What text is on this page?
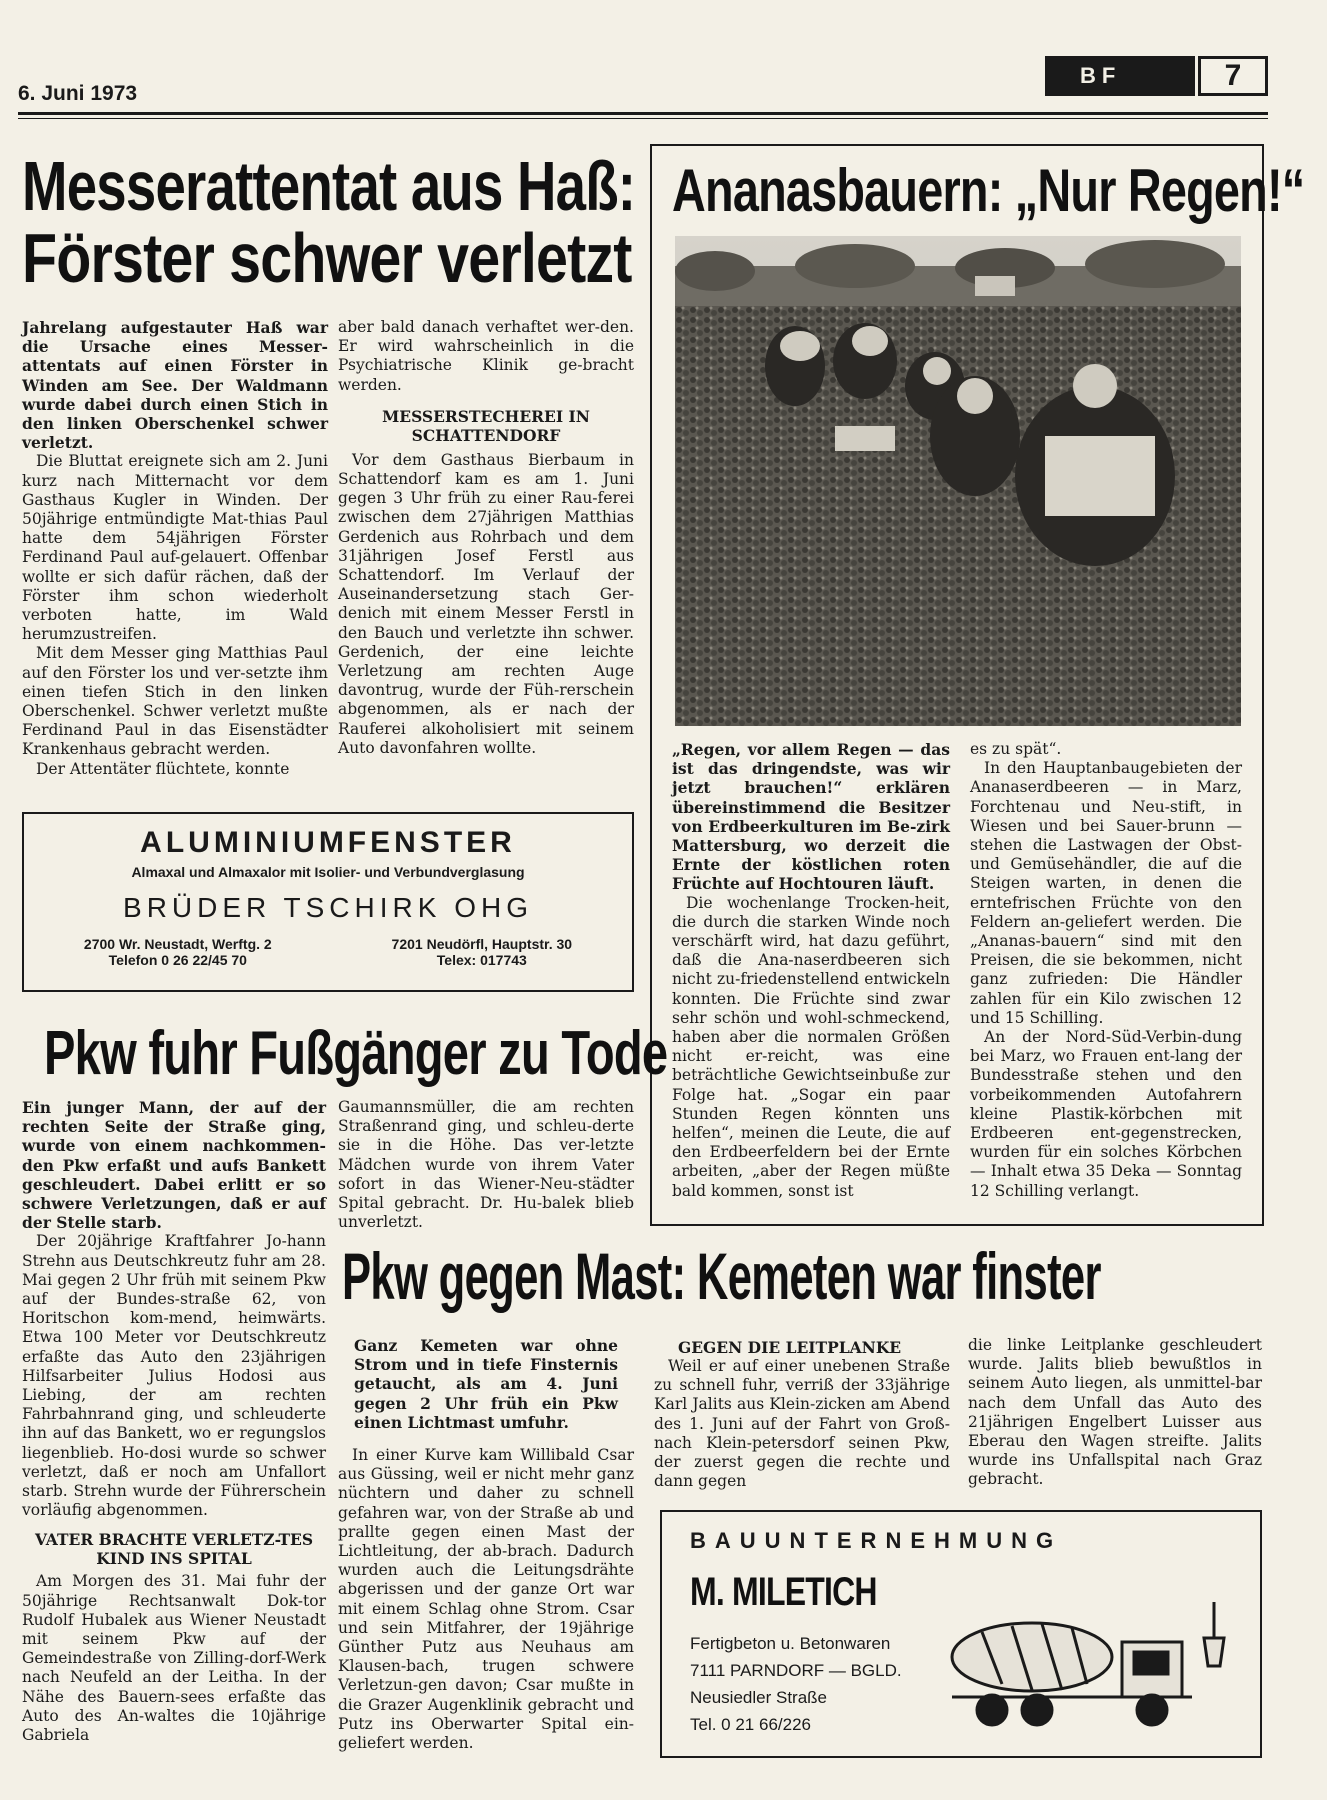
6. Juni 1973
BF	7
Messerattentat aus Haß:
Förster schwer verletzt
Jahrelang aufgestauter Haß war die Ursache eines Messer-attentats auf einen Förster in Winden am See. Der Waldmann wurde dabei durch einen Stich in den linken Oberschenkel schwer verletzt.
Die Bluttat ereignete sich am 2. Juni kurz nach Mitternacht vor dem Gasthaus Kugler in Winden. Der 50jährige entmündigte Mat-thias Paul hatte dem 54jährigen Förster Ferdinand Paul auf-gelauert. Offenbar wollte er sich dafür rächen, daß der Förster ihm schon wiederholt verboten hatte, im Wald herumzustreifen.
Mit dem Messer ging Matthias Paul auf den Förster los und ver-setzte ihm einen tiefen Stich in den linken Oberschenkel. Schwer verletzt mußte Ferdinand Paul in das Eisenstädter Krankenhaus gebracht werden.
Der Attentäter flüchtete, konnte
aber bald danach verhaftet wer-den. Er wird wahrscheinlich in die Psychiatrische Klinik ge-bracht werden.
MESSERSTECHEREI IN SCHATTENDORF
Vor dem Gasthaus Bierbaum in Schattendorf kam es am 1. Juni gegen 3 Uhr früh zu einer Rau-ferei zwischen dem 27jährigen Matthias Gerdenich aus Rohrbach und dem 31jährigen Josef Ferstl aus Schattendorf. Im Verlauf der Auseinandersetzung stach Ger-denich mit einem Messer Ferstl in den Bauch und verletzte ihn schwer. Gerdenich, der eine leichte Verletzung am rechten Auge davontrug, wurde der Füh-rerschein abgenommen, als er nach der Rauferei alkoholisiert mit seinem Auto davonfahren wollte.
ALUMINIUMFENSTER
Almaxal und Almaxalor mit Isolier- und Verbundverglasung
BRÜDER TSCHIRK OHG
2700 Wr. Neustadt, Werftg. 2
Telefon 0 26 22/45 70
7201 Neudörfl, Hauptstr. 30
Telex: 017743
Ananasbauern: „Nur Regen!“
„Regen, vor allem Regen — das ist das dringendste, was wir jetzt brauchen!“ erklären übereinstimmend die Besitzer von Erdbeerkulturen im Be-zirk Mattersburg, wo derzeit die Ernte der köstlichen roten Früchte auf Hochtouren läuft.
Die wochenlange Trocken-heit, die durch die starken Winde noch verschärft wird, hat dazu geführt, daß die Ana-naserdbeeren sich nicht zu-friedenstellend entwickeln konnten. Die Früchte sind zwar sehr schön und wohl-schmeckend, haben aber die normalen Größen nicht er-reicht, was eine beträchtliche Gewichtseinbuße zur Folge hat. „Sogar ein paar Stunden Regen könnten uns helfen“, meinen die Leute, die auf den Erdbeerfeldern bei der Ernte arbeiten, „aber der Regen müßte bald kommen, sonst ist
es zu spät“.
In den Hauptanbaugebieten der Ananaserdbeeren — in Marz, Forchtenau und Neu-stift, in Wiesen und bei Sauer-brunn — stehen die Lastwagen der Obst- und Gemüsehändler, die auf die Steigen warten, in denen die erntefrischen Früchte von den Feldern an-geliefert werden. Die „Ananas-bauern“ sind mit den Preisen, die sie bekommen, nicht ganz zufrieden: Die Händler zahlen für ein Kilo zwischen 12 und 15 Schilling.
An der Nord-Süd-Verbin-dung bei Marz, wo Frauen ent-lang der Bundesstraße stehen und den vorbeikommenden Autofahrern kleine Plastik-körbchen mit Erdbeeren ent-gegenstrecken, wurden für ein solches Körbchen — Inhalt etwa 35 Deka — Sonntag 12 Schilling verlangt.
Pkw fuhr Fußgänger zu Tode
Ein junger Mann, der auf der rechten Seite der Straße ging, wurde von einem nachkommen-den Pkw erfaßt und aufs Bankett geschleudert. Dabei erlitt er so schwere Verletzungen, daß er auf der Stelle starb.
Der 20jährige Kraftfahrer Jo-hann Strehn aus Deutschkreutz fuhr am 28. Mai gegen 2 Uhr früh mit seinem Pkw auf der Bundes-straße 62, von Horitschon kom-mend, heimwärts. Etwa 100 Meter vor Deutschkreutz erfaßte das Auto den 23jährigen Hilfsarbeiter Julius Hodosi aus Liebing, der am rechten Fahrbahnrand ging, und schleuderte ihn auf das Bankett, wo er regungslos liegenblieb. Ho-dosi wurde so schwer verletzt, daß er noch am Unfallort starb. Strehn wurde der Führerschein vorläufig abgenommen.
VATER BRACHTE VERLETZ-TES KIND INS SPITAL
Am Morgen des 31. Mai fuhr der 50jährige Rechtsanwalt Dok-tor Rudolf Hubalek aus Wiener Neustadt mit seinem Pkw auf der Gemeindestraße von Zilling-dorf-Werk nach Neufeld an der Leitha. In der Nähe des Bauern-sees erfaßte das Auto des An-waltes die 10jährige Gabriela
Gaumannsmüller, die am rechten Straßenrand ging, und schleu-derte sie in die Höhe. Das ver-letzte Mädchen wurde von ihrem Vater sofort in das Wiener-Neu-städter Spital gebracht. Dr. Hu-balek blieb unverletzt.
Pkw gegen Mast: Kemeten war finster
Ganz Kemeten war ohne Strom und in tiefe Finsternis getaucht, als am 4. Juni gegen 2 Uhr früh ein Pkw einen Lichtmast umfuhr.
In einer Kurve kam Willibald Csar aus Güssing, weil er nicht mehr ganz nüchtern und daher zu schnell gefahren war, von der Straße ab und prallte gegen einen Mast der Lichtleitung, der ab-brach. Dadurch wurden auch die Leitungsdrähte abgerissen und der ganze Ort war mit einem Schlag ohne Strom. Csar und sein Mitfahrer, der 19jährige Günther Putz aus Neuhaus am Klausen-bach, trugen schwere Verletzun-gen davon; Csar mußte in die Grazer Augenklinik gebracht und Putz ins Oberwarter Spital ein-geliefert werden.
GEGEN DIE LEITPLANKE
Weil er auf einer unebenen Straße zu schnell fuhr, verriß der 33jährige Karl Jalits aus Klein-zicken am Abend des 1. Juni auf der Fahrt von Groß- nach Klein-petersdorf seinen Pkw, der zuerst gegen die rechte und dann gegen
die linke Leitplanke geschleudert wurde. Jalits blieb bewußtlos in seinem Auto liegen, als unmittel-bar nach dem Unfall das Auto des 21jährigen Engelbert Luisser aus Eberau den Wagen streifte. Jalits wurde ins Unfallspital nach Graz gebracht.
BAUUNTERNEHMUNG
M. MILETICH
Fertigbeton u. Betonwaren
7111 PARNDORF — BGLD.
Neusiedler Straße
Tel. 0 21 66/226
